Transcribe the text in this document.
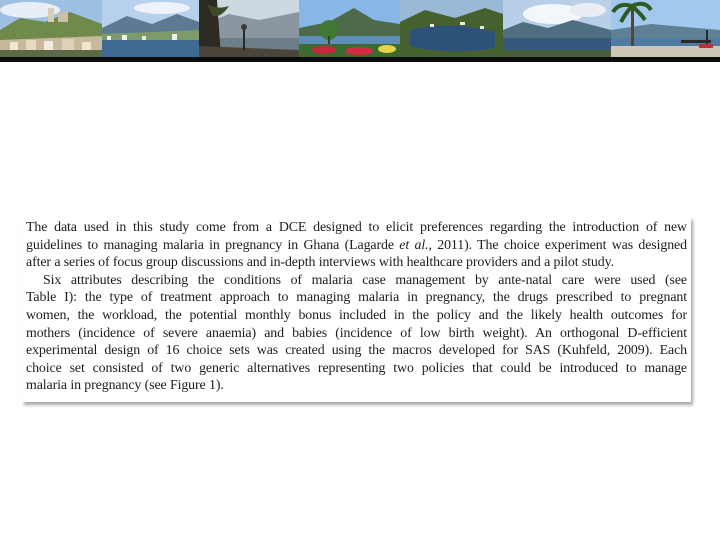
The data used in this study come from a DCE designed to elicit preferences regarding the introduction of new
guidelines to managing malaria in pregnancy in Ghana (Lagarde et al., 2011). The choice experiment was designed
after a series of focus group discussions and in-depth interviews with healthcare providers and a pilot study.

Six attributes describing the conditions of malaria case management by ante-natal care were used (see
Table I): the type of treatment approach to managing malaria in pregnancy, the drugs prescribed to pregnant
women, the workload, the potential monthly bonus included in the policy and the likely health outcomes for
mothers (incidence of severe anaemia) and babies (incidence of low birth weight). An orthogonal D-efficient
experimental design of 16 choice sets was created using the macros developed for SAS (Kuhfeld, 2009). Each
choice set consisted of two generic alternatives representing two policies that could be introduced to manage
malaria in pregnancy (see Figure 1).
